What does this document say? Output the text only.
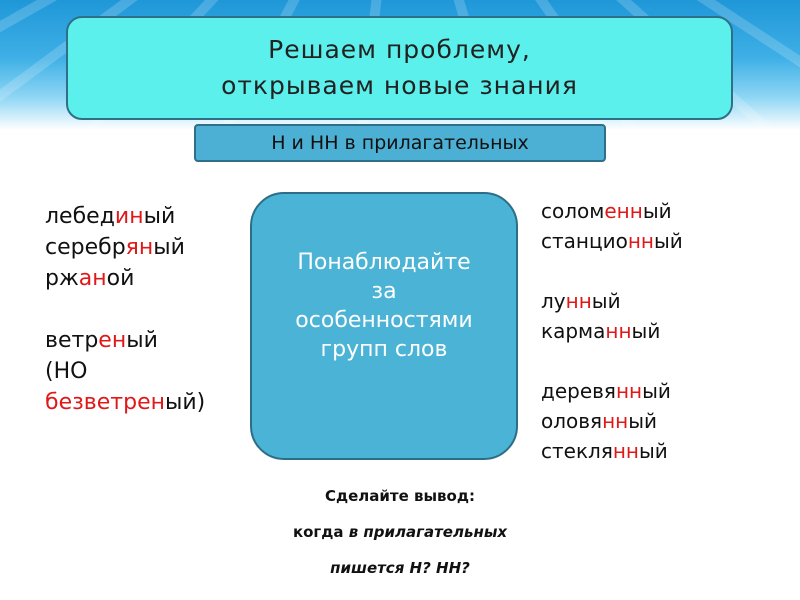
Решаем проблему,
открываем новые знания
Н и НН в прилагательных
лебединый
серебряный
ржаной
ветреный
(НО
безветреный)
Понаблюдайте
за
особенностями
групп слов
соломенный
станционный
лунный
карманный
деревянный
оловянный
стеклянный
Сделайте вывод:
когда в прилагательных
пишется Н? НН?
